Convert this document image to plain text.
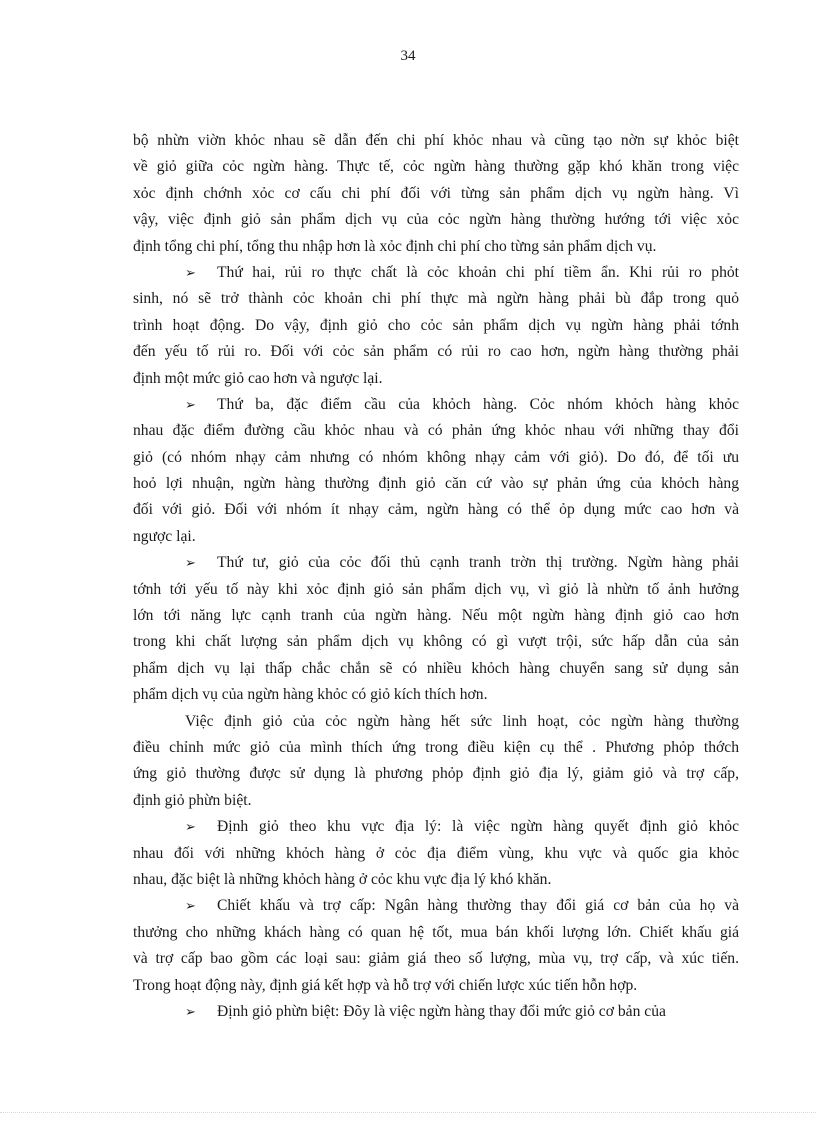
34
bộ nhừn viờn khỏc nhau sẽ dẫn đến chi phí khỏc nhau và cũng tạo nờn sự khỏc biệt
về giỏ giữa cỏc ngừn hàng. Thực tế, cỏc ngừn hàng thường gặp khó khăn trong việc
xỏc định chớnh xỏc cơ cấu chi phí đối với từng sản phẩm dịch vụ ngừn hàng. Vì
vậy, việc định giỏ sản phẩm dịch vụ của cỏc ngừn hàng thường hướng tới việc xỏc
định tổng chi phí, tổng thu nhập hơn là xỏc định chi phí cho từng sản phẩm dịch vụ.
➢ Thứ hai, rủi ro thực chất là cỏc khoản chi phí tiềm ẩn. Khi rủi ro phỏt
sinh, nó sẽ trở thành cỏc khoản chi phí thực mà ngừn hàng phải bù đắp trong quỏ
trình hoạt động. Do vậy, định giỏ cho cỏc sản phẩm dịch vụ ngừn hàng phải tớnh
đến yếu tố rủi ro. Đối với cỏc sản phẩm có rủi ro cao hơn, ngừn hàng thường phải
định một mức giỏ cao hơn và ngược lại.
➢ Thứ ba, đặc điểm cầu của khỏch hàng. Cỏc nhóm khỏch hàng khỏc
nhau đặc điểm đường cầu khỏc nhau và có phản ứng khỏc nhau với những thay đổi
giỏ (có nhóm nhạy cảm nhưng có nhóm không nhạy cảm với giỏ). Do đó, để tối ưu
hoỏ lợi nhuận, ngừn hàng thường định giỏ căn cứ vào sự phản ứng của khỏch hàng
đối với giỏ. Đối với nhóm ít nhạy cảm, ngừn hàng có thể ỏp dụng mức cao hơn và
ngược lại.
➢ Thứ tư, giỏ của cỏc đối thủ cạnh tranh trờn thị trường. Ngừn hàng phải
tớnh tới yếu tố này khi xỏc định giỏ sản phẩm dịch vụ, vì giỏ là nhừn tố ảnh hưởng
lớn tới năng lực cạnh tranh của ngừn hàng. Nếu một ngừn hàng định giỏ cao hơn
trong khi chất lượng sản phẩm dịch vụ không có gì vượt trội, sức hấp dẫn của sản
phẩm dịch vụ lại thấp chắc chắn sẽ có nhiều khỏch hàng chuyển sang sử dụng sản
phẩm dịch vụ của ngừn hàng khỏc có giỏ kích thích hơn.
Việc định giỏ của cỏc ngừn hàng hết sức linh hoạt, cỏc ngừn hàng thường
điều chỉnh mức giỏ của mình thích ứng trong điều kiện cụ thể . Phương phỏp thớch
ứng giỏ thường được sử dụng là phương phỏp định giỏ địa lý, giảm giỏ và trợ cấp,
định giỏ phừn biệt.
➢ Định giỏ theo khu vực địa lý: là việc ngừn hàng quyết định giỏ khỏc
nhau đối với những khỏch hàng ở cỏc địa điểm vùng, khu vực và quốc gia khỏc
nhau, đặc biệt là những khỏch hàng ở cỏc khu vực địa lý khó khăn.
➢ Chiết khấu và trợ cấp: Ngân hàng thường thay đổi giá cơ bản của họ và
thưởng cho những khách hàng có quan hệ tốt, mua bán khối lượng lớn. Chiết khấu giá
và trợ cấp bao gồm các loại sau: giảm giá theo số lượng, mùa vụ, trợ cấp, và xúc tiến.
Trong hoạt động này, định giá kết hợp và hỗ trợ với chiến lược xúc tiến hỗn hợp.
➢ Định giỏ phừn biệt: Đõy là việc ngừn hàng thay đổi mức giỏ cơ bản của
